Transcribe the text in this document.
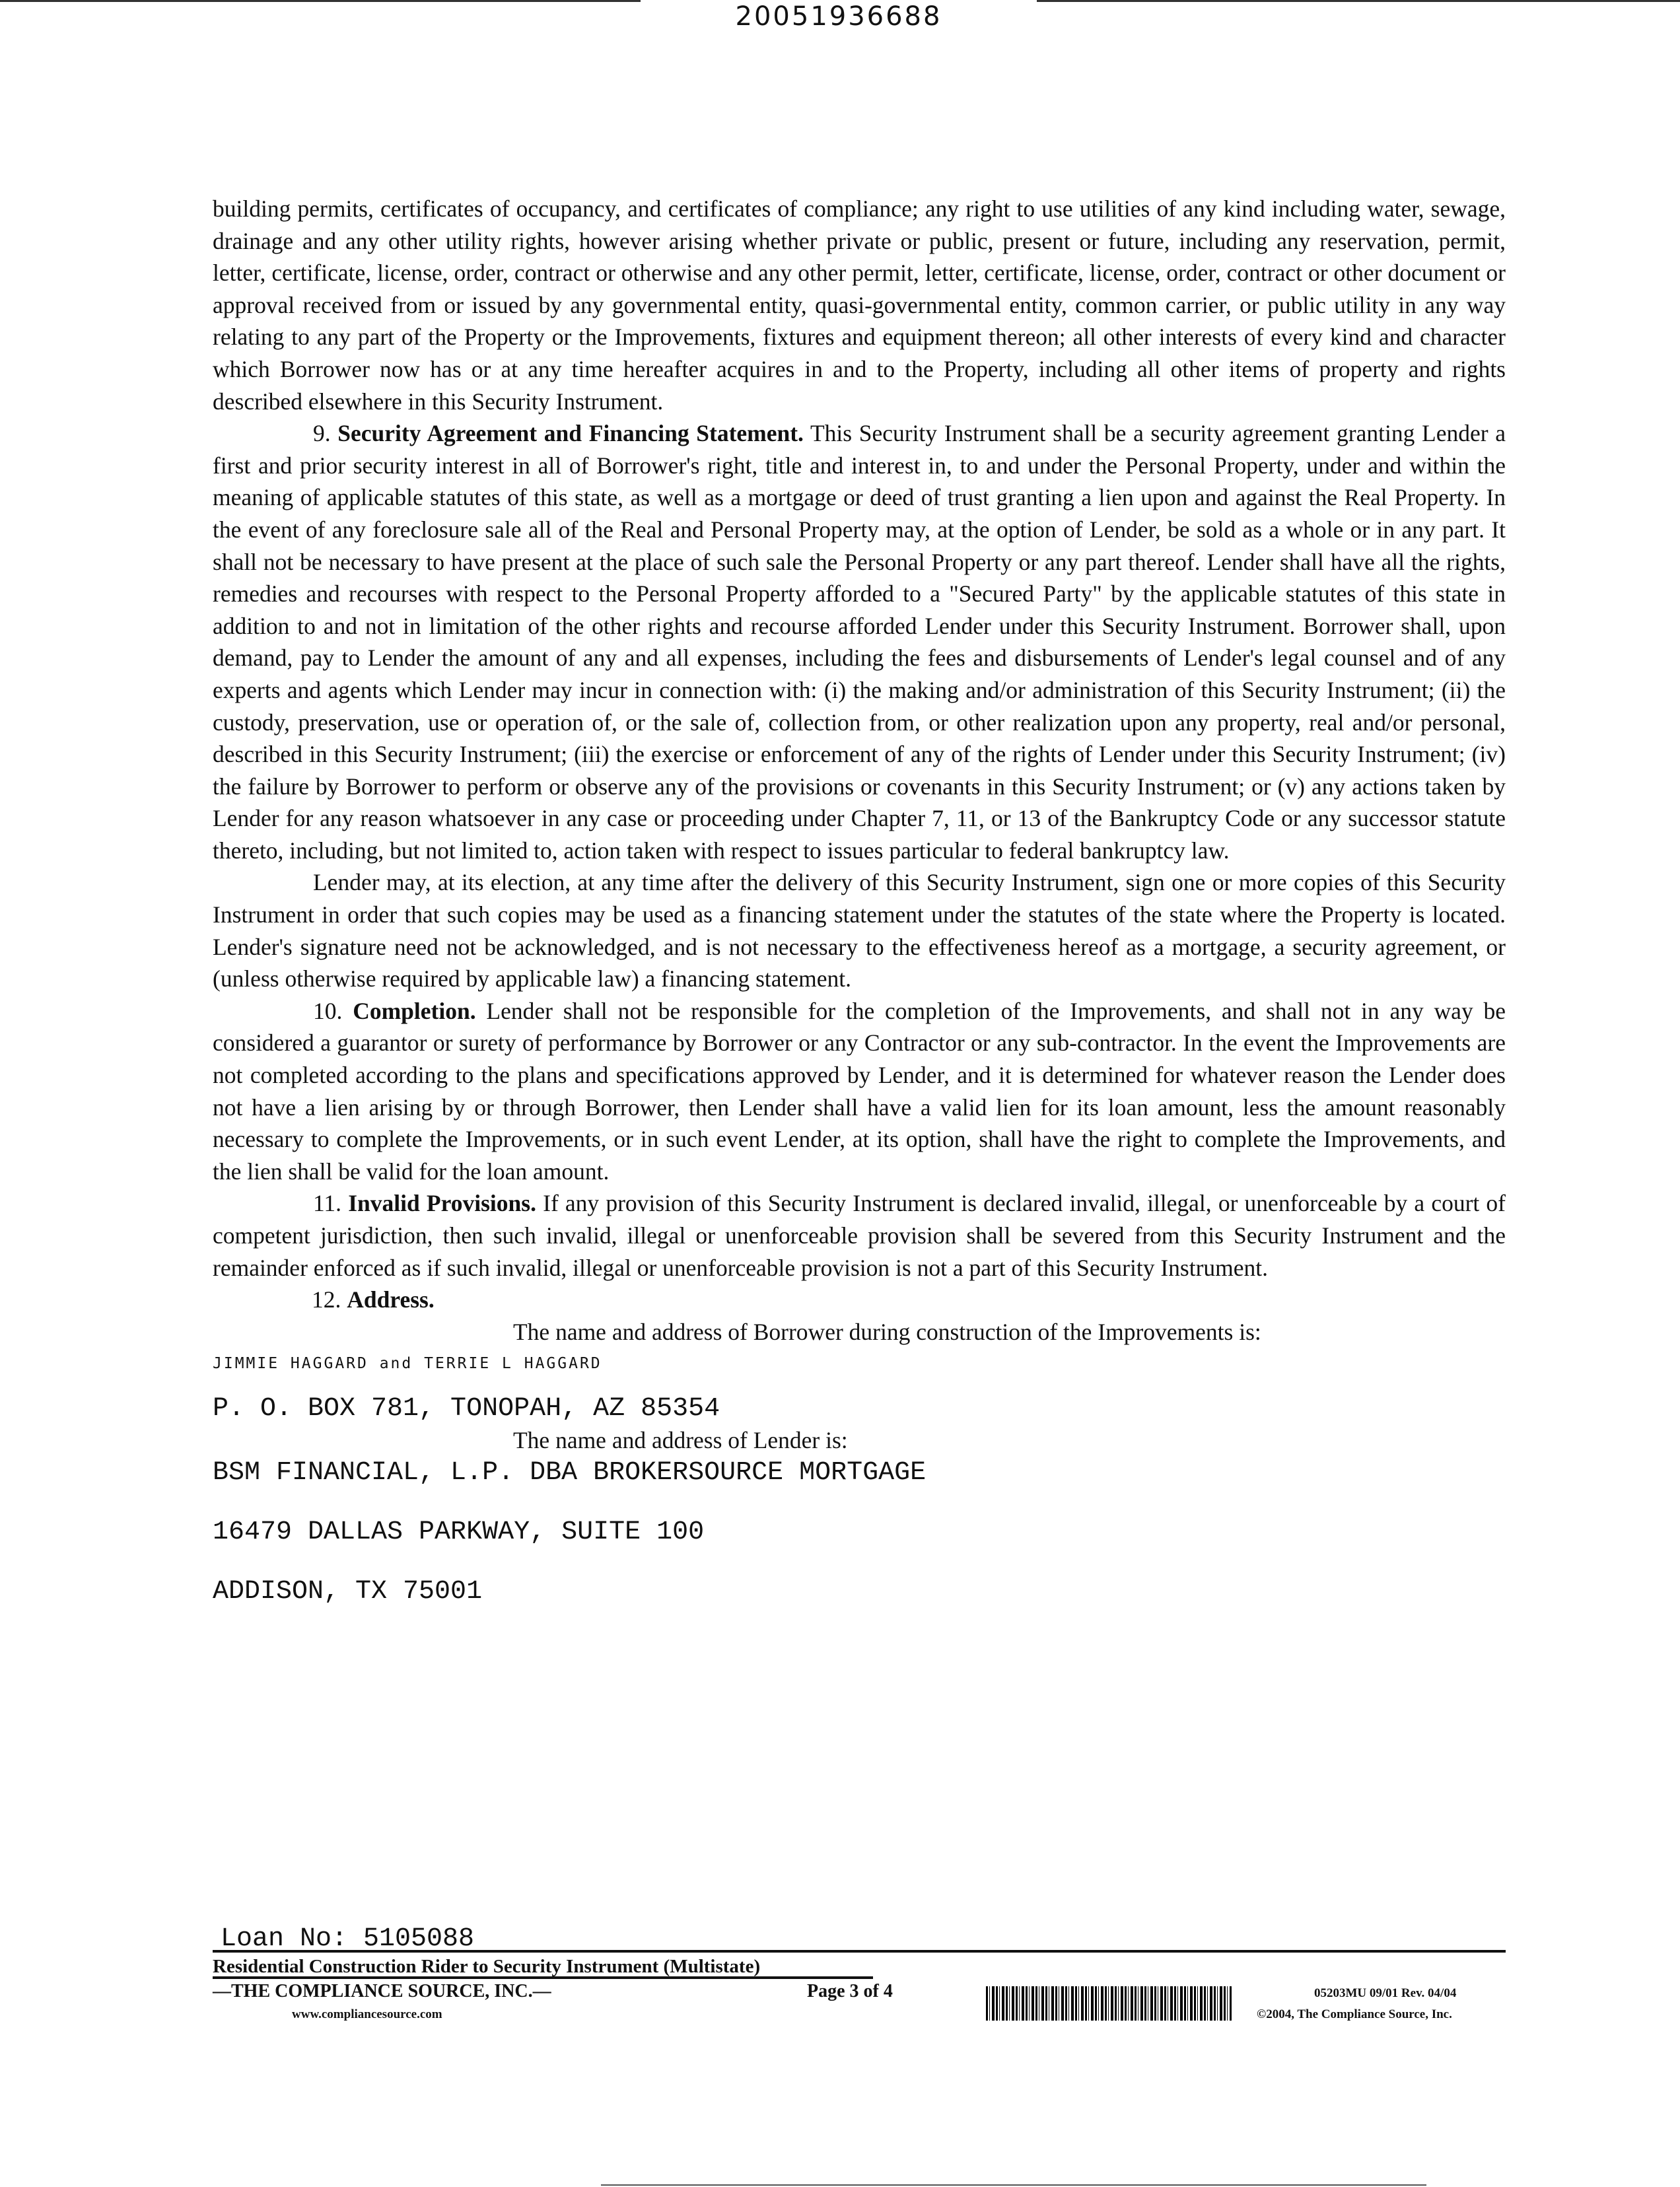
20051936688

building permits, certificates of occupancy, and certificates of compliance; any right to use utilities of any kind including water, sewage, drainage and any other utility rights, however arising whether private or public, present or future, including any reservation, permit, letter, certificate, license, order, contract or otherwise and any other permit, letter, certificate, license, order, contract or other document or approval received from or issued by any governmental entity, quasi-governmental entity, common carrier, or public utility in any way relating to any part of the Property or the Improvements, fixtures and equipment thereon; all other interests of every kind and character which Borrower now has or at any time hereafter acquires in and to the Property, including all other items of property and rights described elsewhere in this Security Instrument.

9. Security Agreement and Financing Statement. This Security Instrument shall be a security agreement granting Lender a first and prior security interest in all of Borrower's right, title and interest in, to and under the Personal Property, under and within the meaning of applicable statutes of this state, as well as a mortgage or deed of trust granting a lien upon and against the Real Property. In the event of any foreclosure sale all of the Real and Personal Property may, at the option of Lender, be sold as a whole or in any part. It shall not be necessary to have present at the place of such sale the Personal Property or any part thereof. Lender shall have all the rights, remedies and recourses with respect to the Personal Property afforded to a "Secured Party" by the applicable statutes of this state in addition to and not in limitation of the other rights and recourse afforded Lender under this Security Instrument. Borrower shall, upon demand, pay to Lender the amount of any and all expenses, including the fees and disbursements of Lender's legal counsel and of any experts and agents which Lender may incur in connection with: (i) the making and/or administration of this Security Instrument; (ii) the custody, preservation, use or operation of, or the sale of, collection from, or other realization upon any property, real and/or personal, described in this Security Instrument; (iii) the exercise or enforcement of any of the rights of Lender under this Security Instrument; (iv) the failure by Borrower to perform or observe any of the provisions or covenants in this Security Instrument; or (v) any actions taken by Lender for any reason whatsoever in any case or proceeding under Chapter 7, 11, or 13 of the Bankruptcy Code or any successor statute thereto, including, but not limited to, action taken with respect to issues particular to federal bankruptcy law.

Lender may, at its election, at any time after the delivery of this Security Instrument, sign one or more copies of this Security Instrument in order that such copies may be used as a financing statement under the statutes of the state where the Property is located. Lender's signature need not be acknowledged, and is not necessary to the effectiveness hereof as a mortgage, a security agreement, or (unless otherwise required by applicable law) a financing statement.

10. Completion. Lender shall not be responsible for the completion of the Improvements, and shall not in any way be considered a guarantor or surety of performance by Borrower or any Contractor or any sub-contractor. In the event the Improvements are not completed according to the plans and specifications approved by Lender, and it is determined for whatever reason the Lender does not have a lien arising by or through Borrower, then Lender shall have a valid lien for its loan amount, less the amount reasonably necessary to complete the Improvements, or in such event Lender, at its option, shall have the right to complete the Improvements, and the lien shall be valid for the loan amount.

11. Invalid Provisions. If any provision of this Security Instrument is declared invalid, illegal, or unenforceable by a court of competent jurisdiction, then such invalid, illegal or unenforceable provision shall be severed from this Security Instrument and the remainder enforced as if such invalid, illegal or unenforceable provision is not a part of this Security Instrument.

12. Address.

The name and address of Borrower during construction of the Improvements is:

JIMMIE HAGGARD and TERRIE L HAGGARD

P. O. BOX 781, TONOPAH, AZ 85354

The name and address of Lender is:

BSM FINANCIAL, L.P. DBA BROKERSOURCE MORTGAGE

16479 DALLAS PARKWAY, SUITE 100

ADDISON, TX 75001

Loan No: 5105088
Residential Construction Rider to Security Instrument (Multistate)
—THE COMPLIANCE SOURCE, INC.—
www.compliancesource.com
Page 3 of 4	05203MU 09/01 Rev. 04/04
©2004, The Compliance Source, Inc.
